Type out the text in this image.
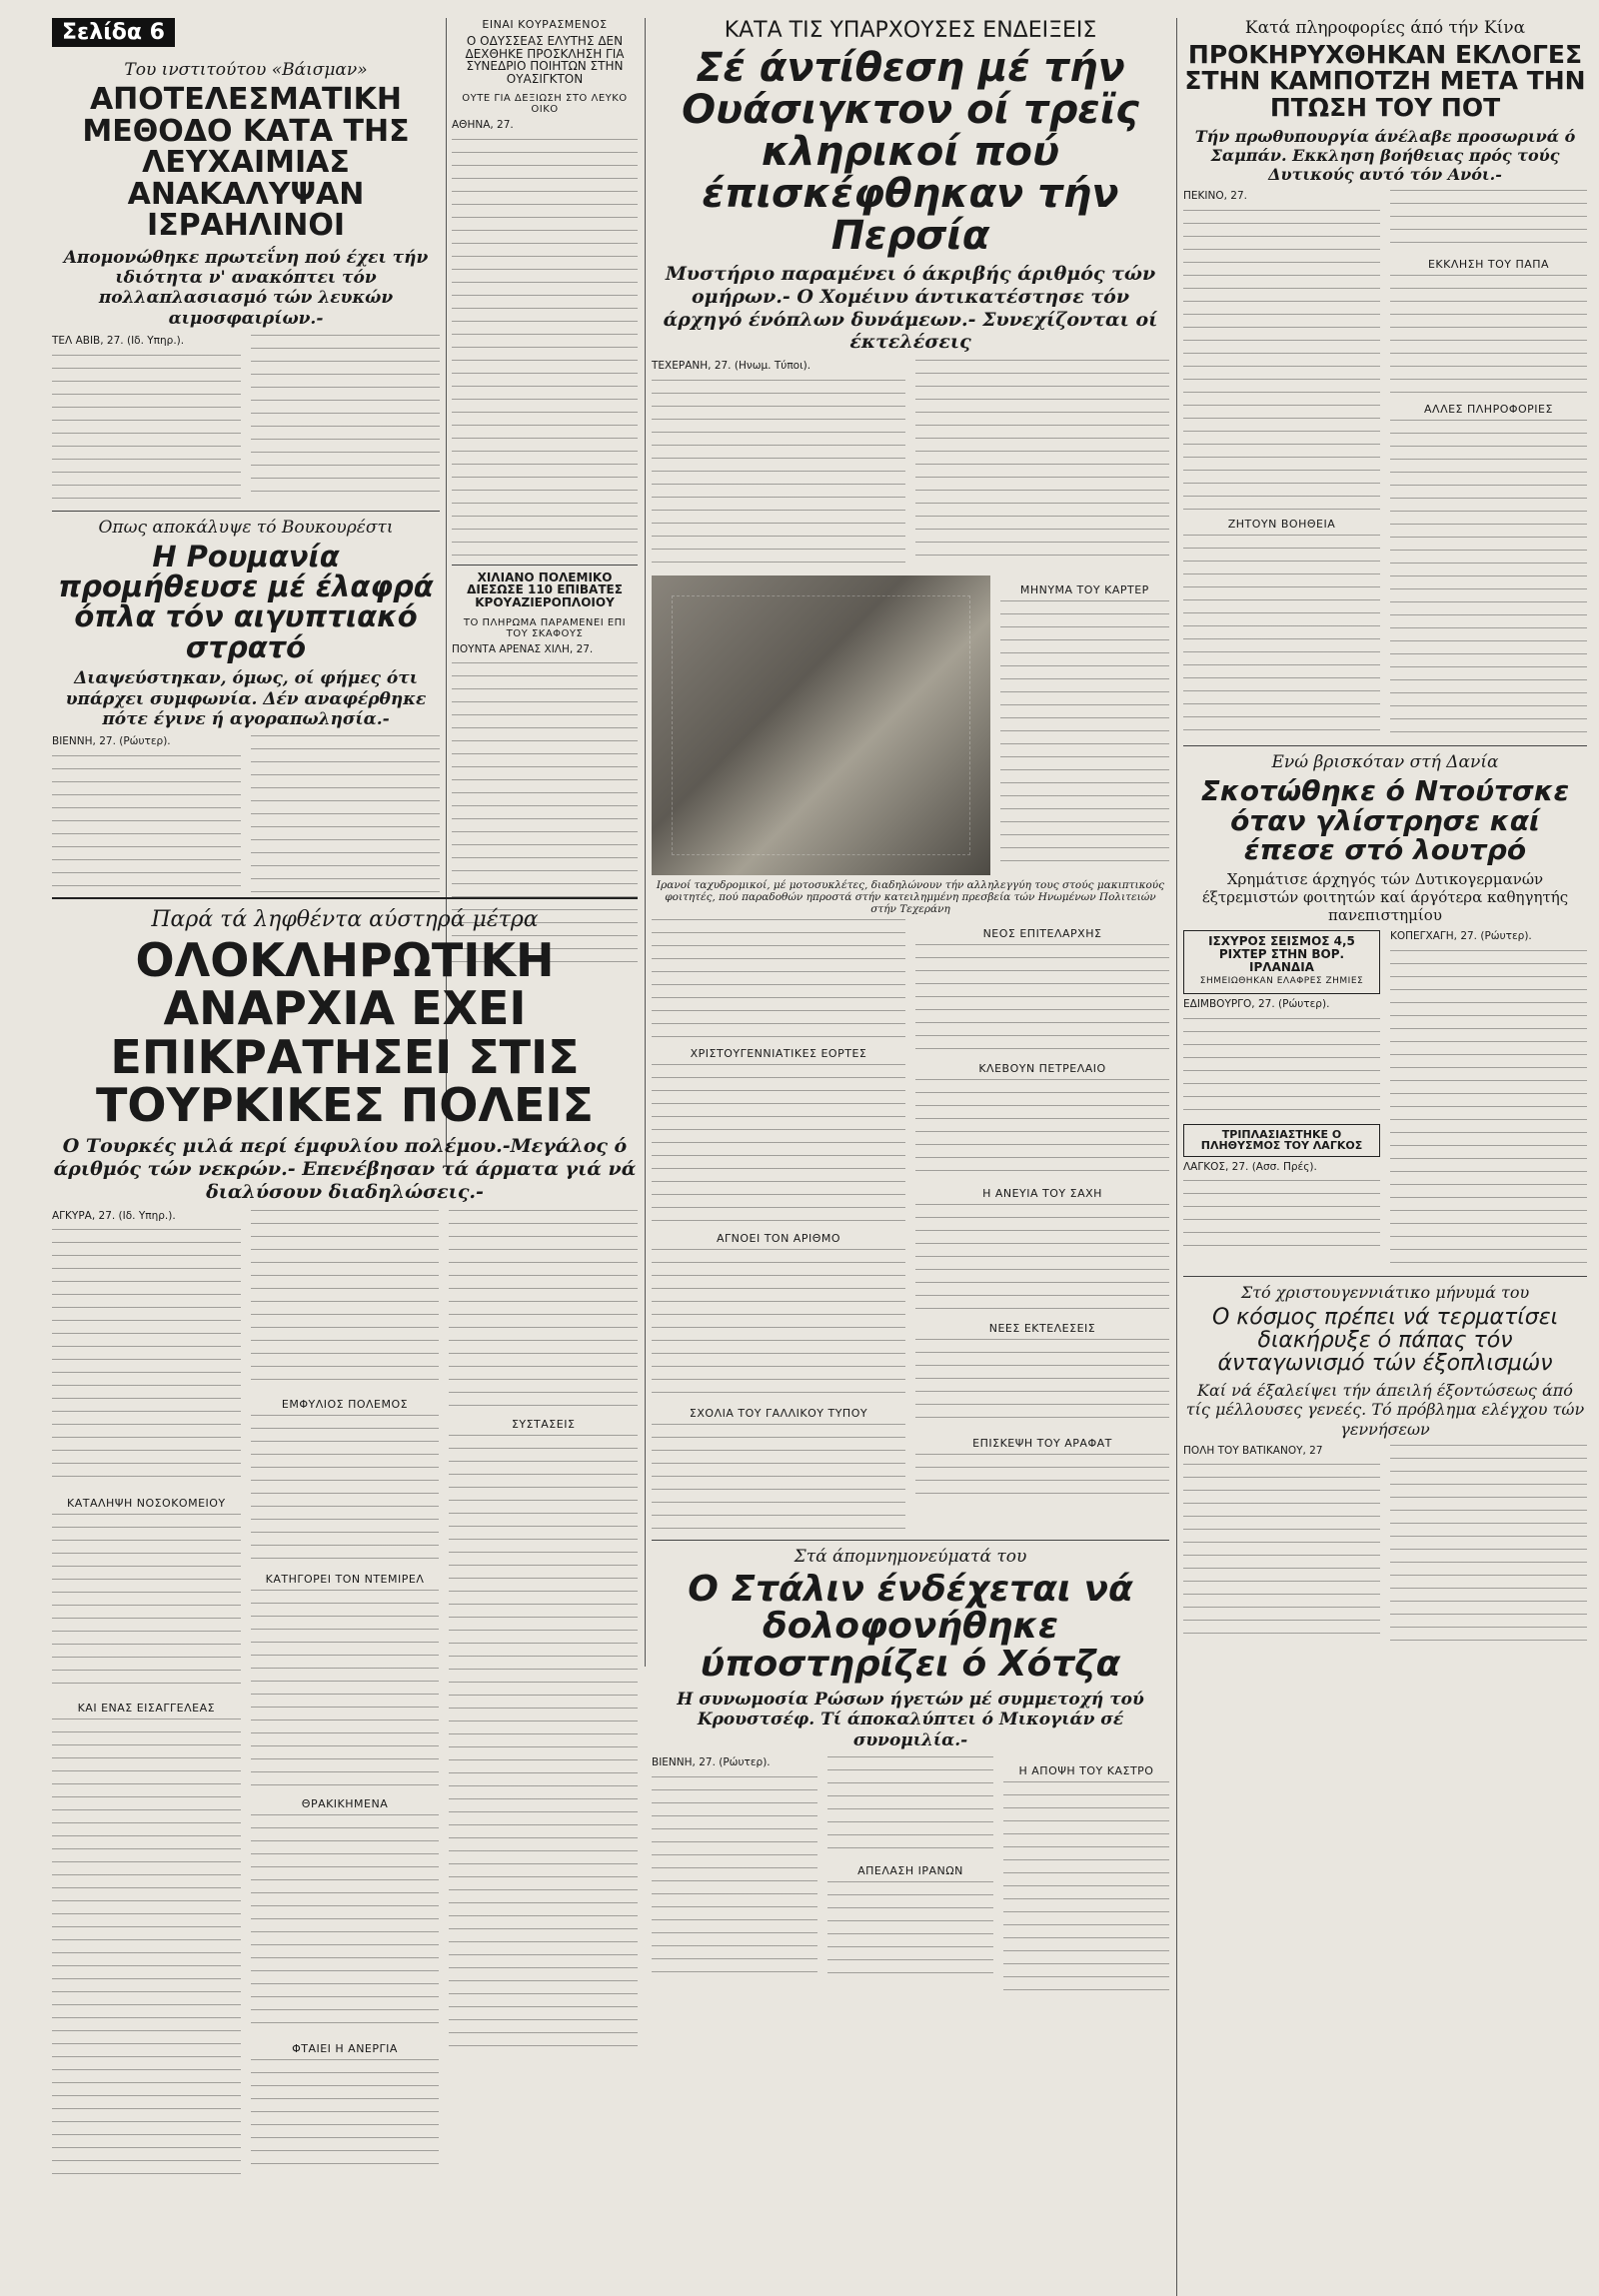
Σελίδα 6

Του ινστιτούτου «Βάισμαν»

ΑΠΟΤΕΛΕΣΜΑΤΙΚΗ ΜΕΘΟΔΟ ΚΑΤΑ ΤΗΣ ΛΕΥΧΑΙΜΙΑΣ ΑΝΑΚΑΛΥΨΑΝ ΙΣΡΑΗΛΙΝΟΙ

Απομονώθηκε πρωτεΐνη πού έχει τήν ιδιότητα ν' ανακόπτει τόν πολλαπλασιασμό τών λευκών αιμοσφαιρίων.-

ΤΕΛ ΑΒΙΒ, 27. (Ιδ. Υπηρ.).

Οπως αποκάλυψε τό Βουκουρέστι

Η Ρουμανία προμήθευσε μέ έλαφρά όπλα τόν αιγυπτιακό στρατό

Διαψεύστηκαν, όμως, οί φήμες ότι υπάρχει συμφωνία. Δέν αναφέρθηκε πότε έγινε ή αγοραπωλησία.-

ΒΙΕΝΝΗ, 27. (Ρώυτερ).

Παρά τά ληφθέντα αύστηρά μέτρα

ΟΛΟΚΛΗΡΩΤΙΚΗ ΑΝΑΡΧΙΑ ΕΧΕΙ ΕΠΙΚΡΑΤΗΣΕΙ ΣΤΙΣ ΤΟΥΡΚΙΚΕΣ ΠΟΛΕΙΣ

Ο Τουρκές μιλά περί έμφυλίου πολέμου.-Μεγάλος ό άριθμός τών νεκρών.- Επενέβησαν τά άρματα γιά νά διαλύσουν διαδηλώσεις.-

ΑΓΚΥΡΑ, 27. (Ιδ. Υπηρ.).

ΚΑΤΑΛΗΨΗ ΝΟΣΟΚΟΜΕΙΟΥ

ΚΑΙ ΕΝΑΣ ΕΙΣΑΓΓΕΛΕΑΣ

ΕΜΦΥΛΙΟΣ ΠΟΛΕΜΟΣ

ΚΑΤΗΓΟΡΕΙ ΤΟΝ ΝΤΕΜΙΡΕΛ

ΘΡΑΚΙΚΗΜΕΝΑ

ΦΤΑΙΕΙ Η ΑΝΕΡΓΙΑ

ΣΥΣΤΑΣΕΙΣ

ΕΙΝΑΙ ΚΟΥΡΑΣΜΕΝΟΣ

Ο ΟΔΥΣΣΕΑΣ ΕΛΥΤΗΣ ΔΕΝ ΔΕΧΘΗΚΕ ΠΡΟΣΚΛΗΣΗ ΓΙΑ ΣΥΝΕΔΡΙΟ ΠΟΙΗΤΩΝ ΣΤΗΝ ΟΥΑΣΙΓΚΤΟΝ

ΟΥΤΕ ΓΙΑ ΔΕΞΙΩΣΗ ΣΤΟ ΛΕΥΚΟ ΟΙΚΟ

ΑΘΗΝΑ, 27.

ΧΙΛΙΑΝΟ ΠΟΛΕΜΙΚΟ ΔΙΕΣΩΣΕ 110 ΕΠΙΒΑΤΕΣ ΚΡΟΥΑΖΙΕΡΟΠΛΟΙΟΥ

ΤΟ ΠΛΗΡΩΜΑ ΠΑΡΑΜΕΝΕΙ ΕΠΙ ΤΟΥ ΣΚΑΦΟΥΣ

ΠΟΥΝΤΑ ΑΡΕΝΑΣ ΧΙΛΗ, 27.

ΚΑΤΑ ΤΙΣ ΥΠΑΡΧΟΥΣΕΣ ΕΝΔΕΙΞΕΙΣ

Σέ άντίθεση μέ τήν Ουάσιγκτον οί τρεϊς κληρικοί πού έπισκέφθηκαν τήν Περσία

Μυστήριο παραμένει ό άκριβής άριθμός τών ομήρων.- Ο Χομέινυ άντικατέστησε τόν άρχηγό ένόπλων δυνάμεων.- Συνεχίζονται οί έκτελέσεις

ΤΕΧΕΡΑΝΗ, 27. (Ηνωμ. Τύποι).

ΜΗΝΥΜΑ ΤΟΥ ΚΑΡΤΕΡ

Ιρανοί ταχυδρομικοί, μέ μοτοσυκλέτες, διαδηλώνουν τήν αλληλεγγύη τους στούς μακιπτικούς φοιτητές, πού παραδοθών ηπροστά στήν κατειλημμένη πρεσβεία τών Ηνωμένων Πολιτειών στήν Τεχεράνη

ΧΡΙΣΤΟΥΓΕΝΝΙΑΤΙΚΕΣ ΕΟΡΤΕΣ

ΑΓΝΟΕΙ ΤΟΝ ΑΡΙΘΜΟ

ΣΧΟΛΙΑ ΤΟΥ ΓΑΛΛΙΚΟΥ ΤΥΠΟΥ

ΝΕΟΣ ΕΠΙΤΕΛΑΡΧΗΣ

ΚΛΕΒΟΥΝ ΠΕΤΡΕΛΑΙΟ

Η ΑΝΕΥΙΑ ΤΟΥ ΣΑΧΗ

ΝΕΕΣ ΕΚΤΕΛΕΣΕΙΣ

ΕΠΙΣΚΕΨΗ ΤΟΥ ΑΡΑΦΑΤ

Στά άπομνημονεύματά του

Ο Στάλιν ένδέχεται νά δολοφονήθηκε ύποστηρίζει ό Χότζα

Η συνωμοσία Ρώσων ήγετών μέ συμμετοχή τού Κρουστσέφ. Τί άποκαλύπτει ό Μικογιάν σέ συνομιλία.-

ΒΙΕΝΝΗ, 27. (Ρώυτερ).

ΑΠΕΛΑΣΗ ΙΡΑΝΩΝ

Η ΑΠΟΨΗ ΤΟΥ ΚΑΣΤΡΟ

Κατά πληροφορίες άπό τήν Κίνα

ΠΡΟΚΗΡΥΧΘΗΚΑΝ ΕΚΛΟΓΕΣ ΣΤΗΝ ΚΑΜΠΟΤΖΗ ΜΕΤΑ ΤΗΝ ΠΤΩΣΗ ΤΟΥ ΠΟΤ

Τήν πρωθυπουργία άνέλαβε προσωρινά ό Σαμπάν. Εκκληση βοήθειας πρός τούς Δυτικούς αυτό τόν Ανόι.-

ΠΕΚΙΝΟ, 27.

ΖΗΤΟΥΝ ΒΟΗΘΕΙΑ

ΕΚΚΛΗΣΗ ΤΟΥ ΠΑΠΑ

ΑΛΛΕΣ ΠΛΗΡΟΦΟΡΙΕΣ

Ενώ βρισκόταν στή Δανία

Σκοτώθηκε ό Ντούτσκε όταν γλίστρησε καί έπεσε στό λουτρό

Χρημάτισε άρχηγός τών Δυτικογερμανών έξτρεμιστών φοιτητών καί άργότερα καθηγητής πανεπιστημίου

ΙΣΧΥΡΟΣ ΣΕΙΣΜΟΣ 4,5 ΡΙΧΤΕΡ ΣΤΗΝ ΒΟΡ. ΙΡΛΑΝΔΙΑ

ΣΗΜΕΙΩΘΗΚΑΝ ΕΛΑΦΡΕΣ ΖΗΜΙΕΣ

ΕΔΙΜΒΟΥΡΓΟ, 27. (Ρώυτερ).

ΤΡΙΠΛΑΣΙΑΣΤΗΚΕ Ο ΠΛΗΘΥΣΜΟΣ ΤΟΥ ΛΑΓΚΟΣ

ΛΑΓΚΟΣ, 27. (Ασσ. Πρές).

ΚΟΠΕΓΧΑΓΗ, 27. (Ρώυτερ).

Στό χριστουγεννιάτικο μήνυμά του

Ο κόσμος πρέπει νά τερματίσει διακήρυξε ό πάπας τόν άνταγωνισμό τών έξοπλισμών

Καί νά έξαλείψει τήν άπειλή έξοντώσεως άπό τίς μέλλουσες γενεές. Τό πρόβλημα ελέγχου τών γεννήσεων

ΠΟΛΗ ΤΟΥ ΒΑΤΙΚΑΝΟΥ, 27
